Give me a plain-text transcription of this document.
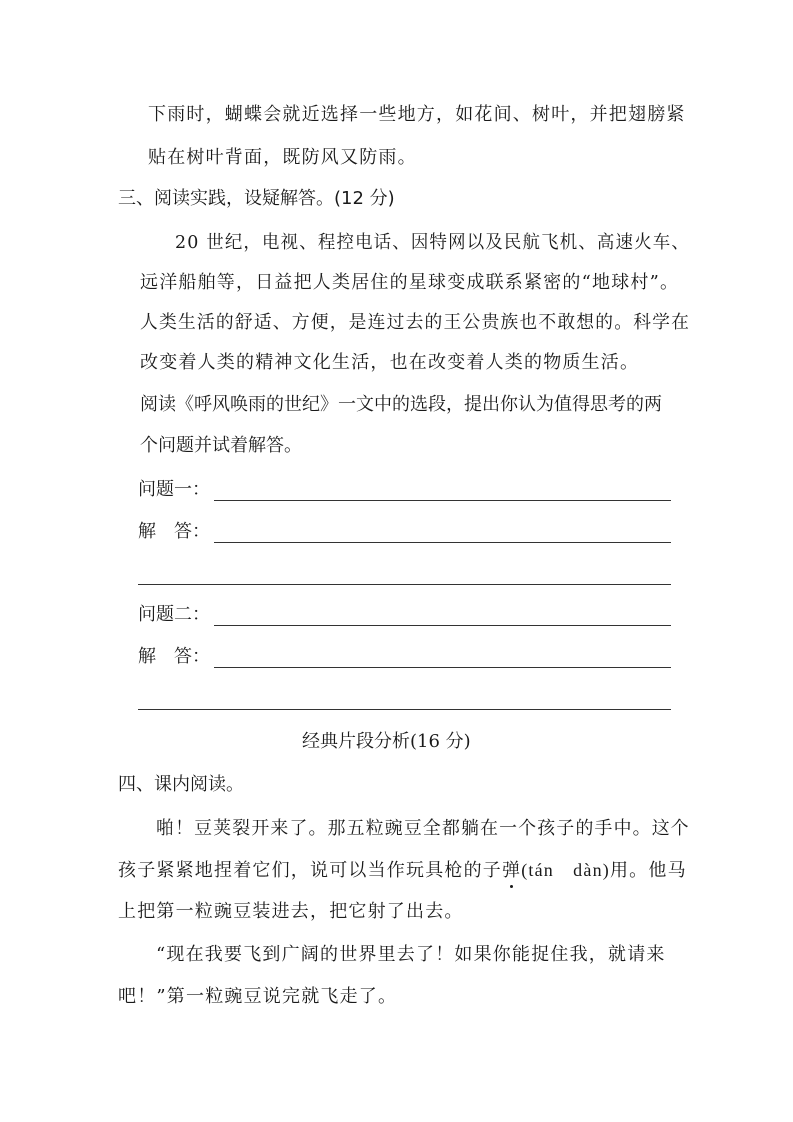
下雨时，蝴蝶会就近选择一些地方，如花间、树叶，并把翅膀紧
贴在树叶背面，既防风又防雨。
三、阅读实践，设疑解答。(12 分)
20 世纪，电视、程控电话、因特网以及民航飞机、高速火车、
远洋船舶等，日益把人类居住的星球变成联系紧密的“地球村”。
人类生活的舒适、方便，是连过去的王公贵族也不敢想的。科学在
改变着人类的精神文化生活，也在改变着人类的物质生活。
阅读《呼风唤雨的世纪》一文中的选段，提出你认为值得思考的两
个问题并试着解答。
问题一：
解　答：
问题二：
解　答：
经典片段分析(16 分)
四、课内阅读。
啪！豆荚裂开来了。那五粒豌豆全都躺在一个孩子的手中。这个
孩子紧紧地捏着它们，说可以当作玩具枪的子弹(tán　dàn)用。他马
上把第一粒豌豆装进去，把它射了出去。
“现在我要飞到广阔的世界里去了！如果你能捉住我，就请来
吧！”第一粒豌豆说完就飞走了。
